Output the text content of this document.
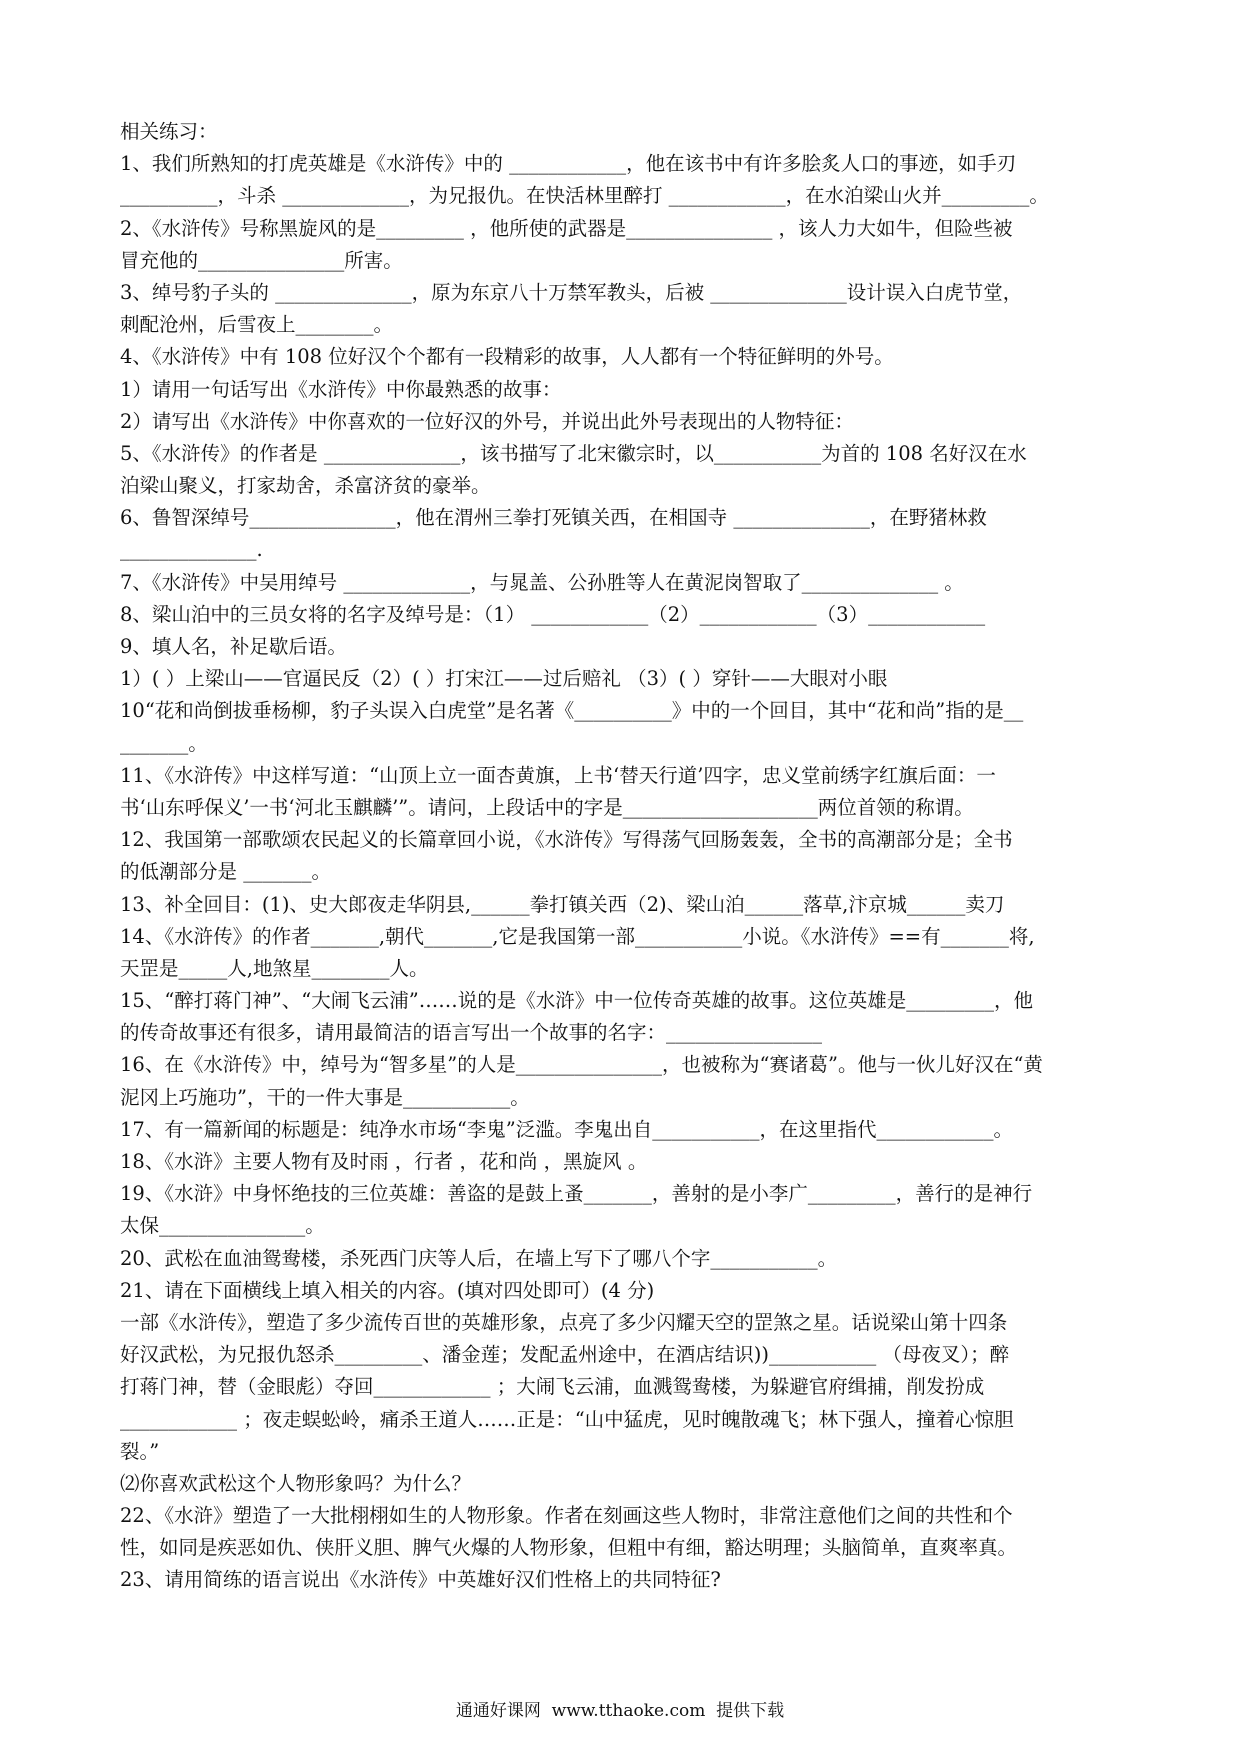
相关练习：
1、我们所熟知的打虎英雄是《水浒传》中的 ____________，他在该书中有许多脍炙人口的事迹，如手刃
__________，斗杀 _____________，为兄报仇。在快活林里醉打 ____________，在水泊梁山火并_________。
2、《水浒传》号称黑旋风的是_________ ，他所使的武器是_______________ ，该人力大如牛，但险些被
冒充他的_______________所害。
3、绰号豹子头的 ______________，原为东京八十万禁军教头，后被 ______________设计误入白虎节堂，
刺配沧州，后雪夜上________。
4、《水浒传》中有 108 位好汉个个都有一段精彩的故事，人人都有一个特征鲜明的外号。
1）请用一句话写出《水浒传》中你最熟悉的故事：
2）请写出《水浒传》中你喜欢的一位好汉的外号，并说出此外号表现出的人物特征：
5、《水浒传》的作者是 ______________，该书描写了北宋徽宗时，以___________为首的 108 名好汉在水
泊梁山聚义，打家劫舍，杀富济贫的豪举。
6、鲁智深绰号_______________，他在渭州三拳打死镇关西，在相国寺 ______________，在野猪林救
______________.
7、《水浒传》中吴用绰号 _____________，与晁盖、公孙胜等人在黄泥岗智取了______________ 。
8、梁山泊中的三员女将的名字及绰号是：（1） ____________（2）____________（3）____________
9、填人名，补足歇后语。
1）( ）上梁山——官逼民反（2）( ）打宋江——过后赔礼 （3）( ）穿针——大眼对小眼
10“花和尚倒拔垂杨柳，豹子头误入白虎堂”是名著《__________》中的一个回目，其中“花和尚”指的是__
_______。
11、《水浒传》中这样写道：“山顶上立一面杏黄旗，上书‘替天行道’四字，忠义堂前绣字红旗后面：一
书‘山东呼保义’一书‘河北玉麒麟’”。请问，上段话中的字是____________________两位首领的称谓。
12、我国第一部歌颂农民起义的长篇章回小说，《水浒传》写得荡气回肠轰轰，全书的高潮部分是；全书
的低潮部分是 _______。
13、补全回目：(1)、史大郎夜走华阴县,______拳打镇关西（2)、梁山泊______落草,汴京城______卖刀
14、《水浒传》的作者_______,朝代_______,它是我国第一部___________小说。《水浒传》==有_______将,
天罡是_____人,地煞星________人。
15、“醉打蒋门神”、“大闹飞云浦”……说的是《水浒》中一位传奇英雄的故事。这位英雄是_________，他
的传奇故事还有很多，请用最简洁的语言写出一个故事的名字：________________
16、在《水浒传》中，绰号为“智多星”的人是_______________，也被称为“赛诸葛”。他与一伙儿好汉在“黄
泥冈上巧施功”，干的一件大事是___________。
17、有一篇新闻的标题是：纯净水市场“李鬼”泛滥。李鬼出自___________，在这里指代____________。
18、《水浒》主要人物有及时雨 ，行者 ，花和尚 ，黑旋风 。
19、《水浒》中身怀绝技的三位英雄：善盗的是鼓上蚤_______，善射的是小李广_________，善行的是神行
太保_______________。
20、武松在血油鸳鸯楼，杀死西门庆等人后，在墙上写下了哪八个字___________。
21、请在下面横线上填入相关的内容。(填对四处即可）(4 分)
一部《水浒传》，塑造了多少流传百世的英雄形象，点亮了多少闪耀天空的罡煞之星。话说梁山第十四条
好汉武松，为兄报仇怒杀_________、潘金莲；发配孟州途中，在酒店结识))___________ （母夜叉）；醉
打蒋门神，替（金眼彪）夺回____________ ；大闹飞云浦，血溅鸳鸯楼，为躲避官府缉捕，削发扮成
____________ ；夜走蜈蚣岭，痛杀王道人……正是：“山中猛虎，见时魄散魂飞；林下强人，撞着心惊胆
裂。”
⑵你喜欢武松这个人物形象吗？为什么？
22、《水浒》塑造了一大批栩栩如生的人物形象。作者在刻画这些人物时，非常注意他们之间的共性和个
性，如同是疾恶如仇、侠肝义胆、脾气火爆的人物形象，但粗中有细，豁达明理；头脑简单，直爽率真。
23、请用简练的语言说出《水浒传》中英雄好汉们性格上的共同特征?
通通好课网  www.tthaoke.com  提供下载
